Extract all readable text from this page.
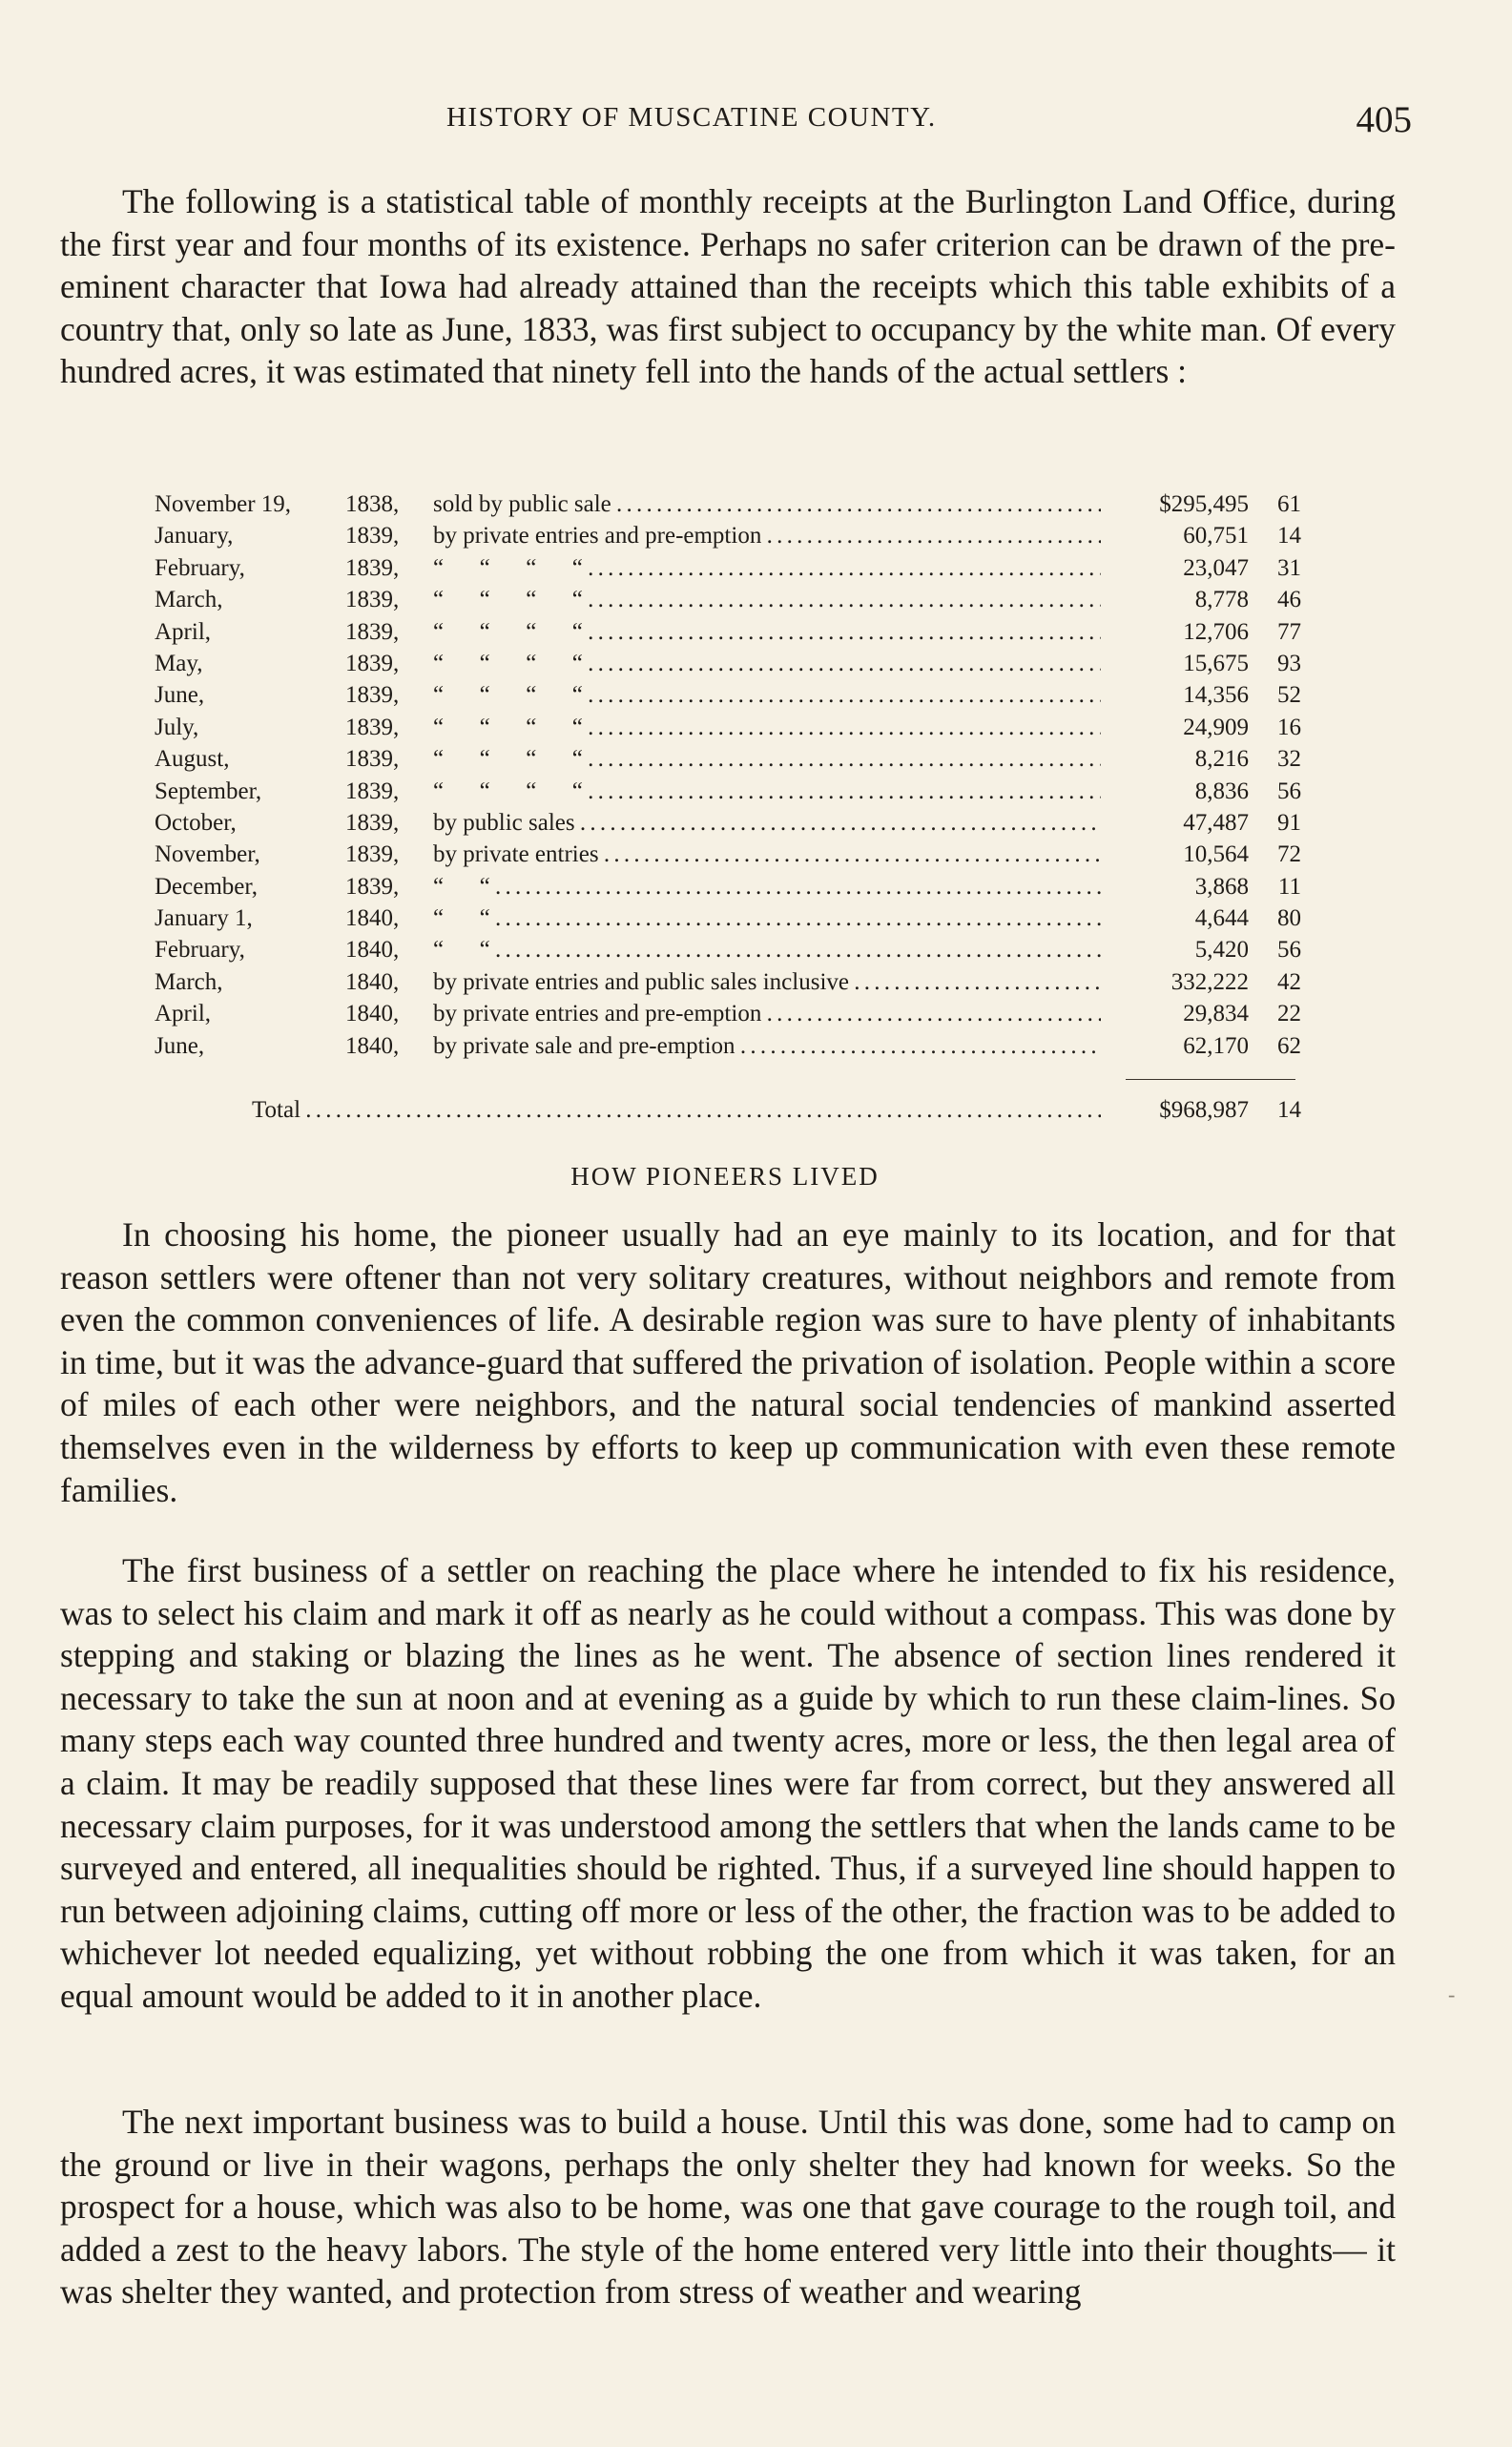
HISTORY OF MUSCATINE COUNTY.	405

The following is a statistical table of monthly receipts at the Burlington Land Office, during the first year and four months of its existence. Perhaps no safer criterion can be drawn of the pre-eminent character that Iowa had already attained than the receipts which this table exhibits of a country that, only so late as June, 1833, was first subject to occupancy by the white man. Of every hundred acres, it was estimated that ninety fell into the hands of the actual settlers :

November 19, 1838, sold by public sale . . .	$295,495	61
January,	1839, by private entries and pre-emption . . .	60,751	14
February,	1839, “      “      “      “ . . .	23,047	31
March,	1839, “      “      “      “ . . .	8,778	46
April,	1839, “      “      “      “ . . .	12,706	77
May,	1839, “      “      “      “ . . .	15,675	93
June,	1839, “      “      “      “ . . .	14,356	52
July,	1839, “      “      “      “ . . .	24,909	16
August,	1839, “      “      “      “ . . .	8,216	32
September,	1839, “      “      “      “ . . .	8,836	56
October,	1839, by public sales . . .	47,487	91
November,	1839, by private entries . . .	10,564	72
December,	1839, “      “ . . .	3,868	11
January 1,	1840, “      “ . . .	4,644	80
February,	1840, “      “ . . .	5,420	56
March,	1840, by private entries and public sales inclusive . . .	332,222	42
April,	1840, by private entries and pre-emption . . .	29,834	22
June,	1840, by private sale and pre-emption . . .	62,170	62
Total . . .	$968,987	14
HOW PIONEERS LIVED

In choosing his home, the pioneer usually had an eye mainly to its location, and for that reason settlers were oftener than not very solitary creatures, without neighbors and remote from even the common conveniences of life. A desirable region was sure to have plenty of inhabitants in time, but it was the advance-guard that suffered the privation of isolation. People within a score of miles of each other were neighbors, and the natural social tendencies of mankind asserted themselves even in the wilderness by efforts to keep up communication with even these remote families.

The first business of a settler on reaching the place where he intended to fix his residence, was to select his claim and mark it off as nearly as he could without a compass. This was done by stepping and staking or blazing the lines as he went. The absence of section lines rendered it necessary to take the sun at noon and at evening as a guide by which to run these claim-lines. So many steps each way counted three hundred and twenty acres, more or less, the then legal area of a claim. It may be readily supposed that these lines were far from correct, but they answered all necessary claim purposes, for it was understood among the settlers that when the lands came to be surveyed and entered, all inequalities should be righted. Thus, if a surveyed line should happen to run between adjoining claims, cutting off more or less of the other, the fraction was to be added to whichever lot needed equalizing, yet without robbing the one from which it was taken, for an equal amount would be added to it in another place.

The next important business was to build a house. Until this was done, some had to camp on the ground or live in their wagons, perhaps the only shelter they had known for weeks. So the prospect for a house, which was also to be home, was one that gave courage to the rough toil, and added a zest to the heavy labors. The style of the home entered very little into their thoughts— it was shelter they wanted, and protection from stress of weather and wearing

-
